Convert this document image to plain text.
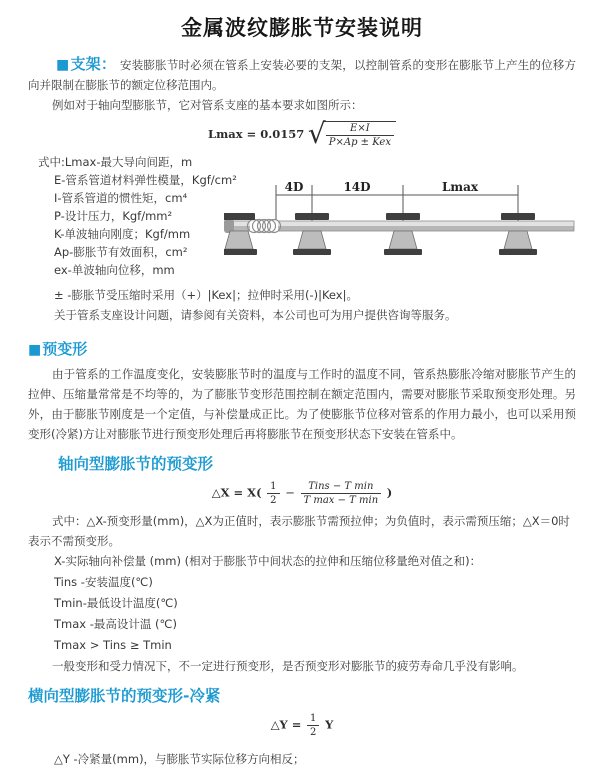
金属波纹膨胀节安装说明

■支架： 安装膨胀节时必须在管系上安装必要的支架，以控制管系的变形在膨胀节上产生的位移方向并限制在膨胀节的额定位移范围内。

例如对于轴向型膨胀节，它对管系支座的基本要求如图所示：

Lmax = 0.0157 √
$\frac{E\times I}{\text{P×Ap ± Kex}}$
式中:Lmax-最大导向间距，m
E-管系管道材料弹性模量，Kgf/cm²
I-管系管道的惯性矩，cm⁴
P-设计压力，Kgf/mm²
K-单波轴向刚度；Kgf/mm
Ap-膨胀节有效面积，cm²
ex-单波轴向位移，mm
4D	14D	Lmax
± -膨胀节受压缩时采用（+）|Kex|；拉伸时采用(-)|Kex|。
关于管系支座设计问题，请参阅有关资料，本公司也可为用户提供咨询等服务。
■预变形

由于管系的工作温度变化，安装膨胀节时的温度与工作时的温度不同，管系热膨胀冷缩对膨胀节产生的拉伸、压缩量常常是不均等的，为了膨胀节变形范围控制在额定范围内，需要对膨胀节采取预变形处理。另外，由于膨胀节刚度是一个定值，与补偿量成正比。为了使膨胀节位移对管系的作用力最小，也可以采用预变形(冷紧)方让对膨胀节进行预变形处理后再将膨胀节在预变形状态下安装在管系中。

轴向型膨胀节的预变形
△X = $X( \frac{1}{2} - \frac{\text{Tins − T min}}{\text{T max − T min}}$ )

式中：△X-预变形量(mm)，△X为正值时，表示膨胀节需预拉伸；为负值时，表示需预压缩；△X＝0时表示不需预变形。

X-实际轴向补偿量 (mm) (相对于膨胀节中间状态的拉伸和压缩位移量绝对值之和)：
Tins -安装温度(℃)
Tmin-最低设计温度(℃)
Tmax -最高设计温 (℃)
Tmax > Tins ≥ Tmin

一般变形和受力情况下，不一定进行预变形，是否预变形对膨胀节的疲劳寿命几乎没有影响。

横向型膨胀节的预变形-冷紧
△Y = $\frac{1}{2}$ Y
△Y -冷紧量(mm)，与膨胀节实际位移方向相反；
